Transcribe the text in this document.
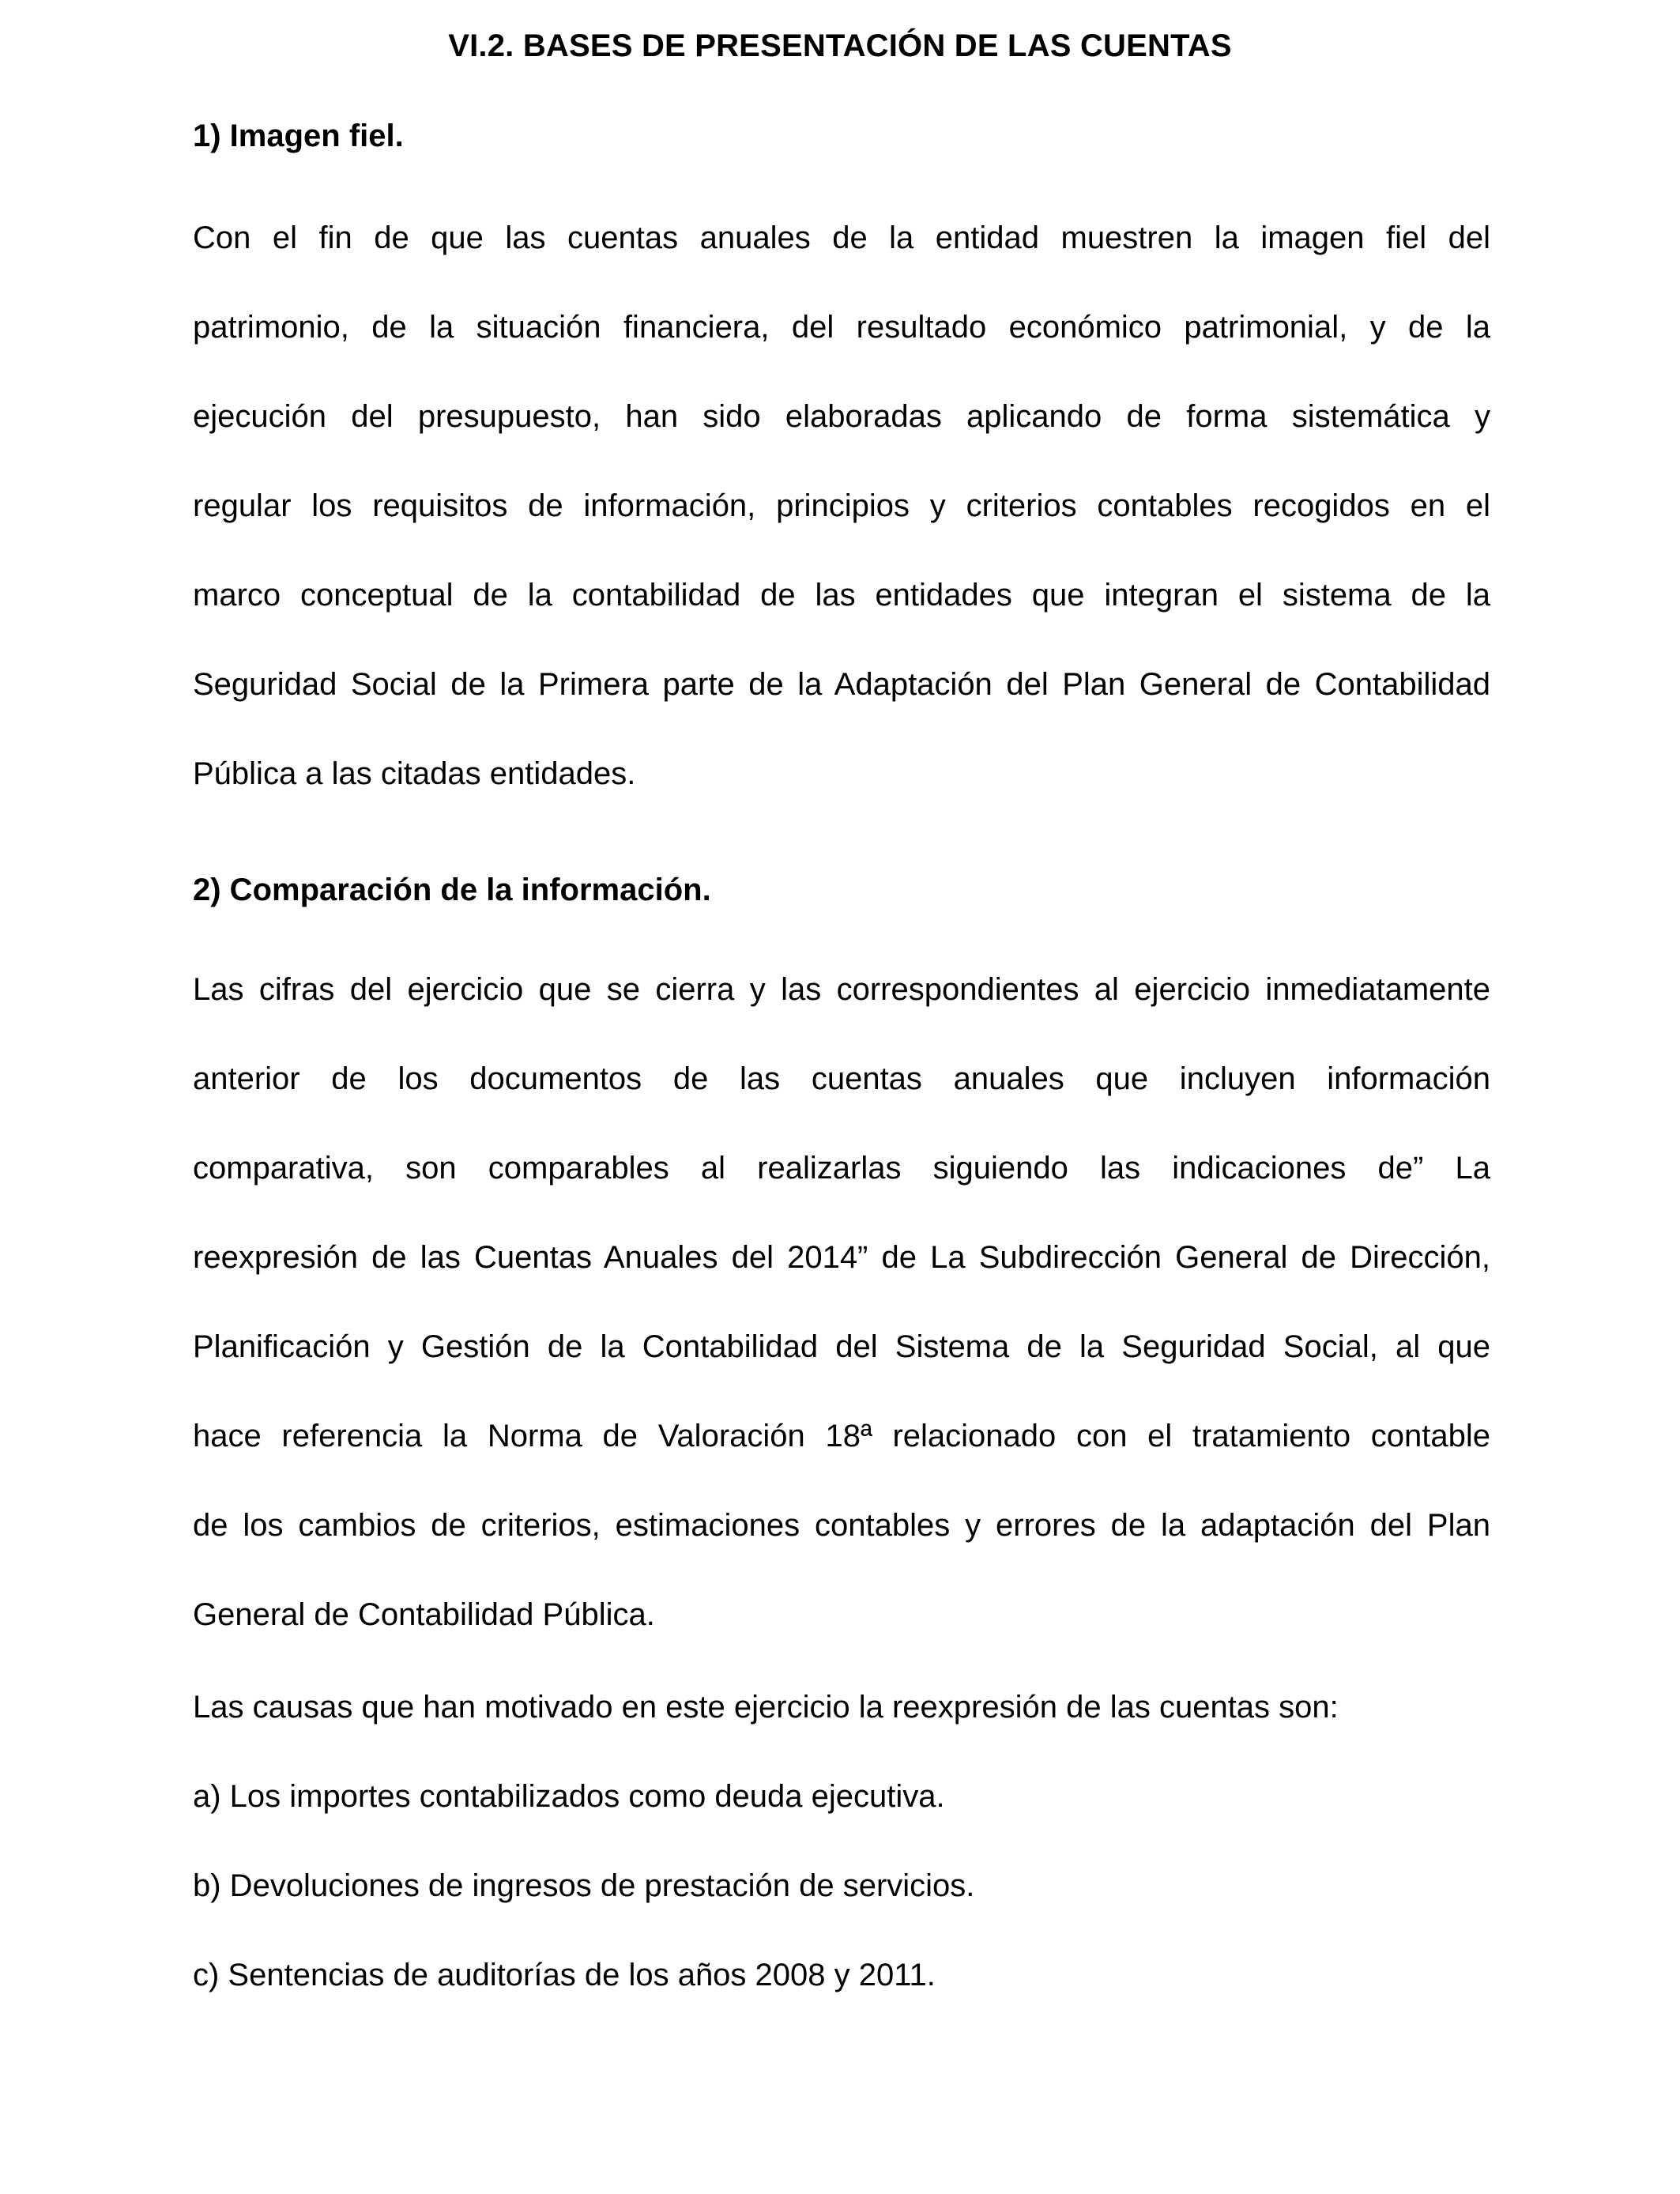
VI.2. BASES DE PRESENTACIÓN DE LAS CUENTAS
1) Imagen fiel.
Con el fin de que las cuentas anuales de la entidad muestren la imagen fiel del
patrimonio, de la situación financiera, del resultado económico patrimonial, y de la
ejecución del presupuesto, han sido elaboradas aplicando de forma sistemática y
regular los requisitos de información, principios y criterios contables recogidos en el
marco conceptual de la contabilidad de las entidades que integran el sistema de la
Seguridad Social de la Primera parte de la Adaptación del Plan General de Contabilidad
Pública a las citadas entidades.
2) Comparación de la información.
Las cifras del ejercicio que se cierra y las correspondientes al ejercicio inmediatamente
anterior de los documentos de las cuentas anuales que incluyen información
comparativa, son comparables al realizarlas siguiendo las indicaciones de” La
reexpresión de las Cuentas Anuales del 2014” de La Subdirección General de Dirección,
Planificación y Gestión de la Contabilidad del Sistema de la Seguridad Social, al que
hace referencia la Norma de Valoración 18ª relacionado con el tratamiento contable
de los cambios de criterios, estimaciones contables y errores de la adaptación del Plan
General de Contabilidad Pública.
Las causas que han motivado en este ejercicio la reexpresión de las cuentas son:
a) Los importes contabilizados como deuda ejecutiva.
b) Devoluciones de ingresos de prestación de servicios.
c) Sentencias de auditorías de los años 2008 y 2011.
